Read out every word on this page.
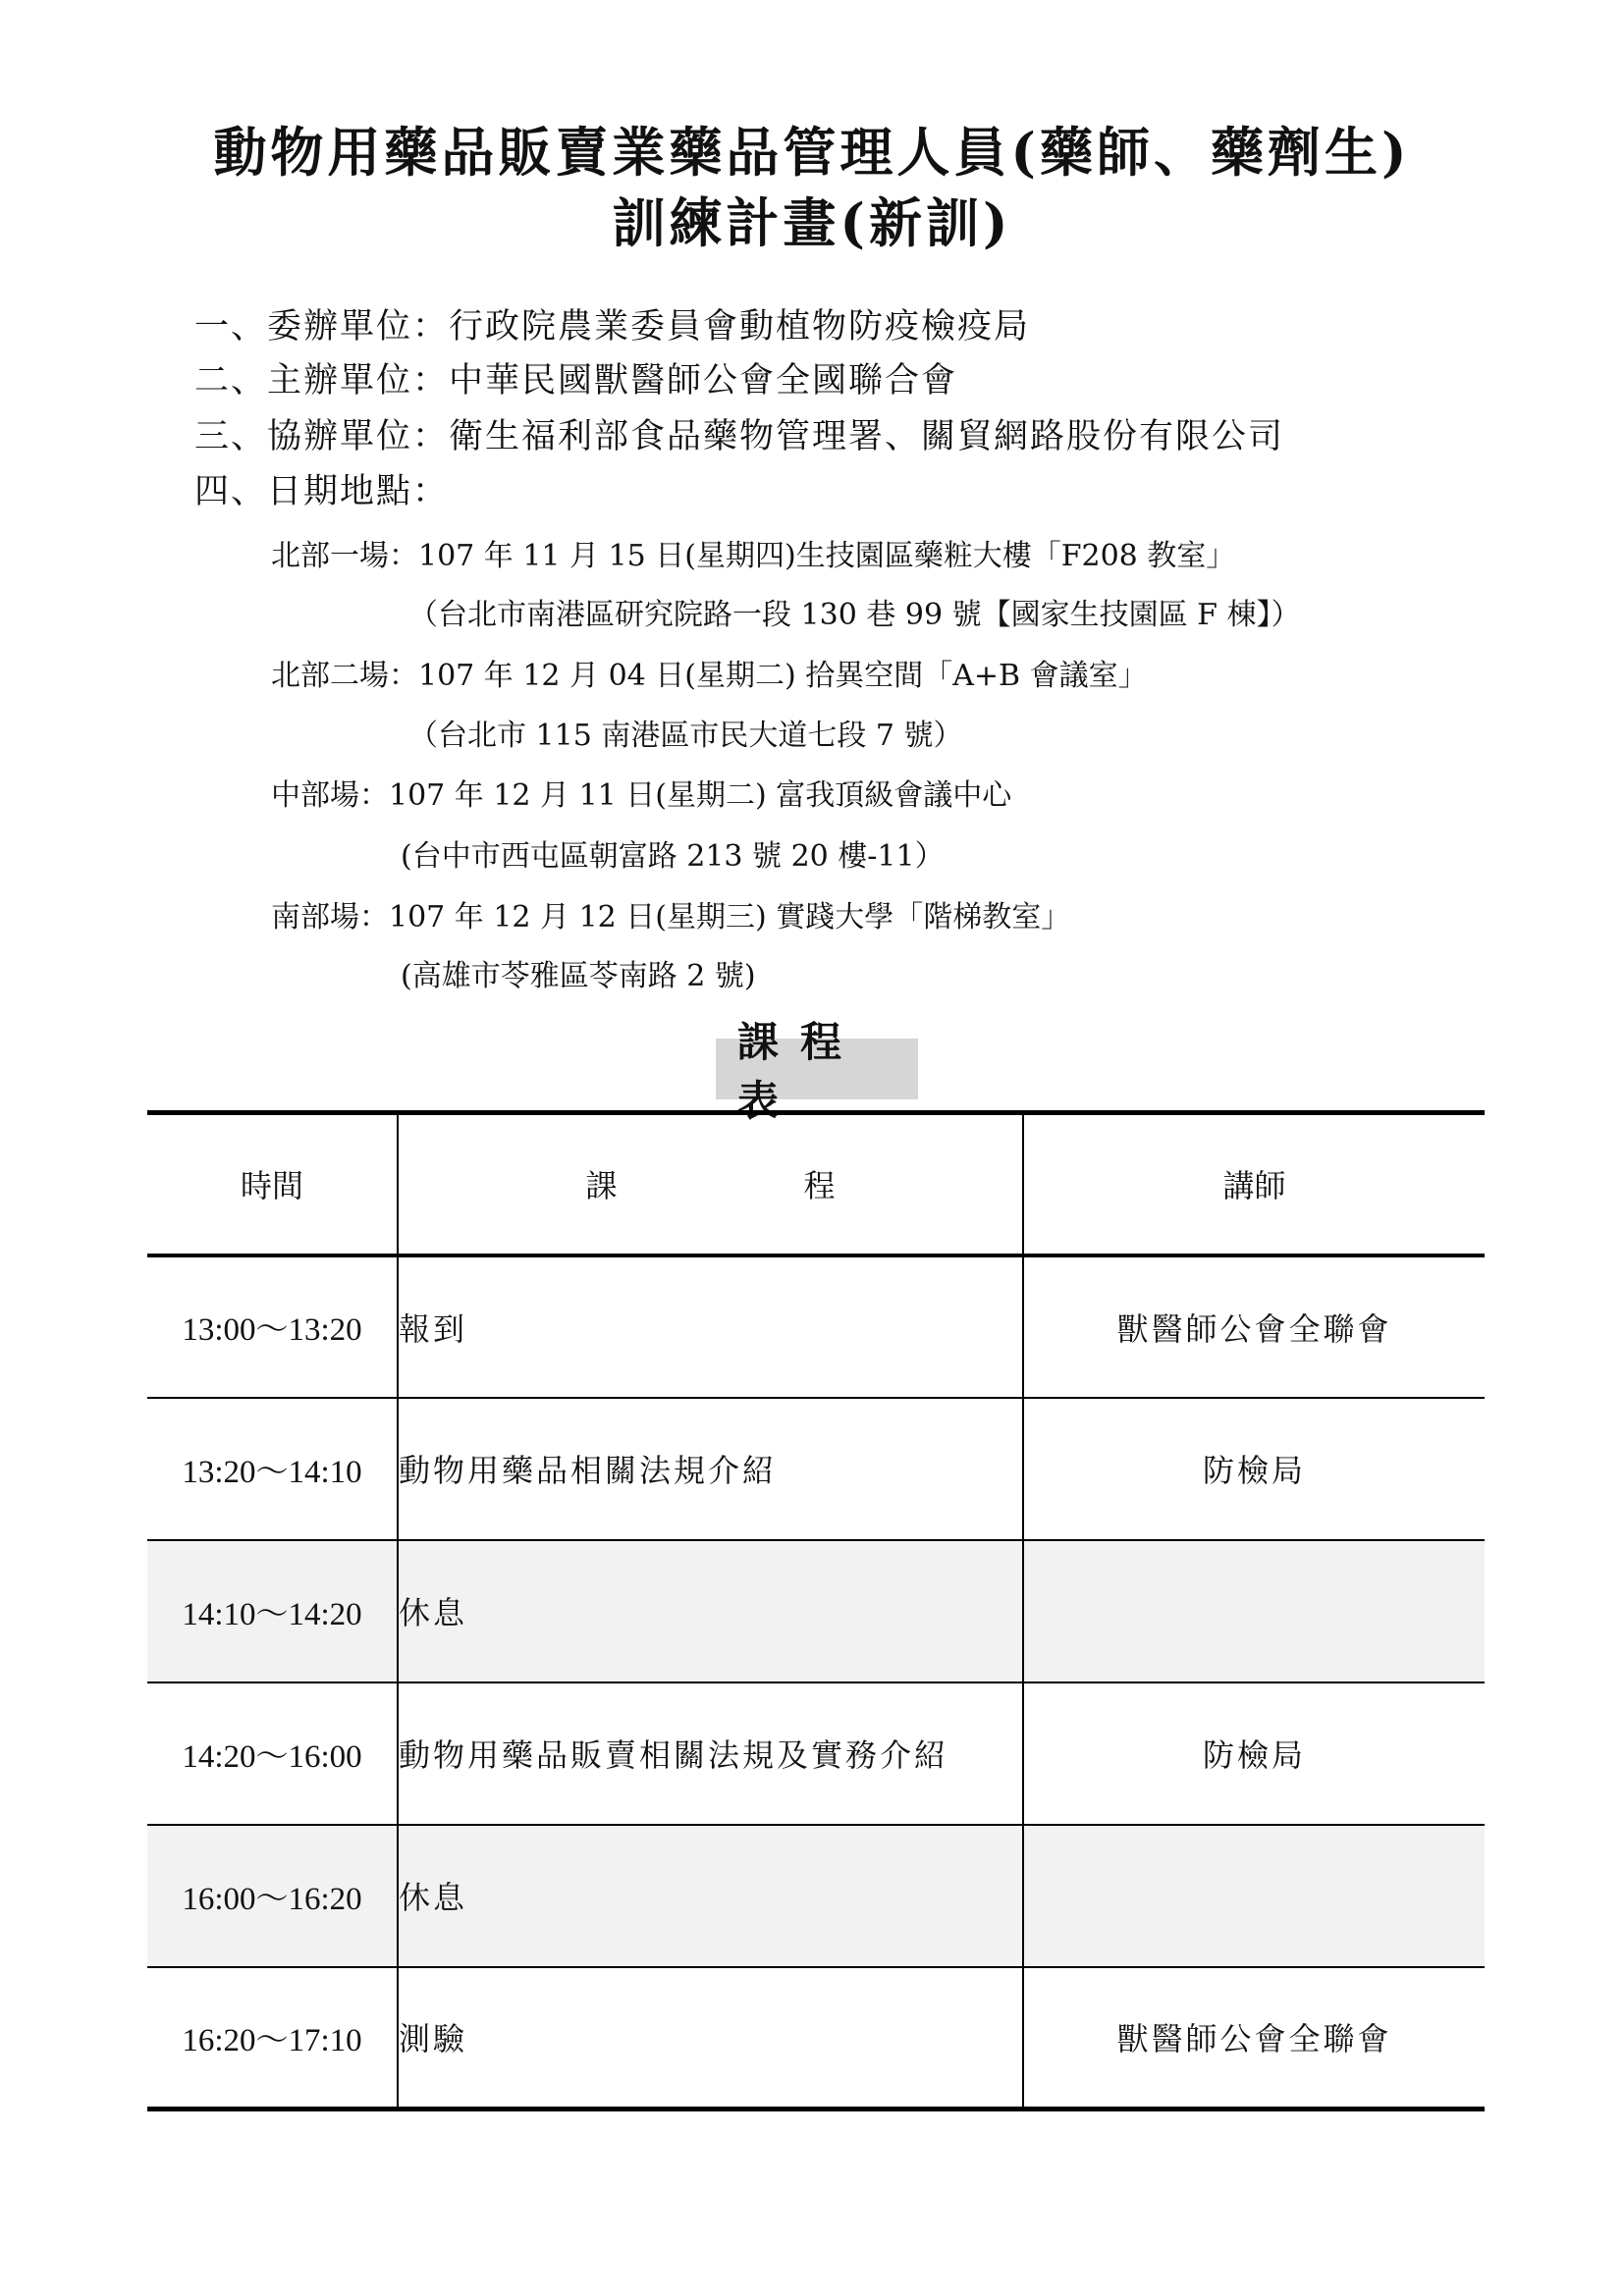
動物用藥品販賣業藥品管理人員(藥師、藥劑生)
訓練計畫(新訓)
一、委辦單位：行政院農業委員會動植物防疫檢疫局
二、主辦單位：中華民國獸醫師公會全國聯合會
三、協辦單位：衛生福利部食品藥物管理署、關貿網路股份有限公司
四、日期地點：
北部一場：107 年 11 月 15 日(星期四)生技園區藥粧大樓「F208 教室」
（台北市南港區研究院路一段 130 巷 99 號【國家生技園區 F 棟】）
北部二場：107 年 12 月 04 日(星期二) 拾異空間「A+B 會議室」
（台北市 115 南港區市民大道七段 7 號）
中部場：107 年 12 月 11 日(星期二) 富我頂級會議中心
(台中市西屯區朝富路 213 號 20 樓-11）
南部場：107 年 12 月 12 日(星期三) 實踐大學「階梯教室」
(高雄市苓雅區苓南路 2 號)
課程表
時間	課程	講師
13:00～13:20	報到	獸醫師公會全聯會
13:20～14:10	動物用藥品相關法規介紹	防檢局
14:10～14:20	休息	
14:20～16:00	動物用藥品販賣相關法規及實務介紹	防檢局
16:00～16:20	休息	
16:20～17:10	測驗	獸醫師公會全聯會
